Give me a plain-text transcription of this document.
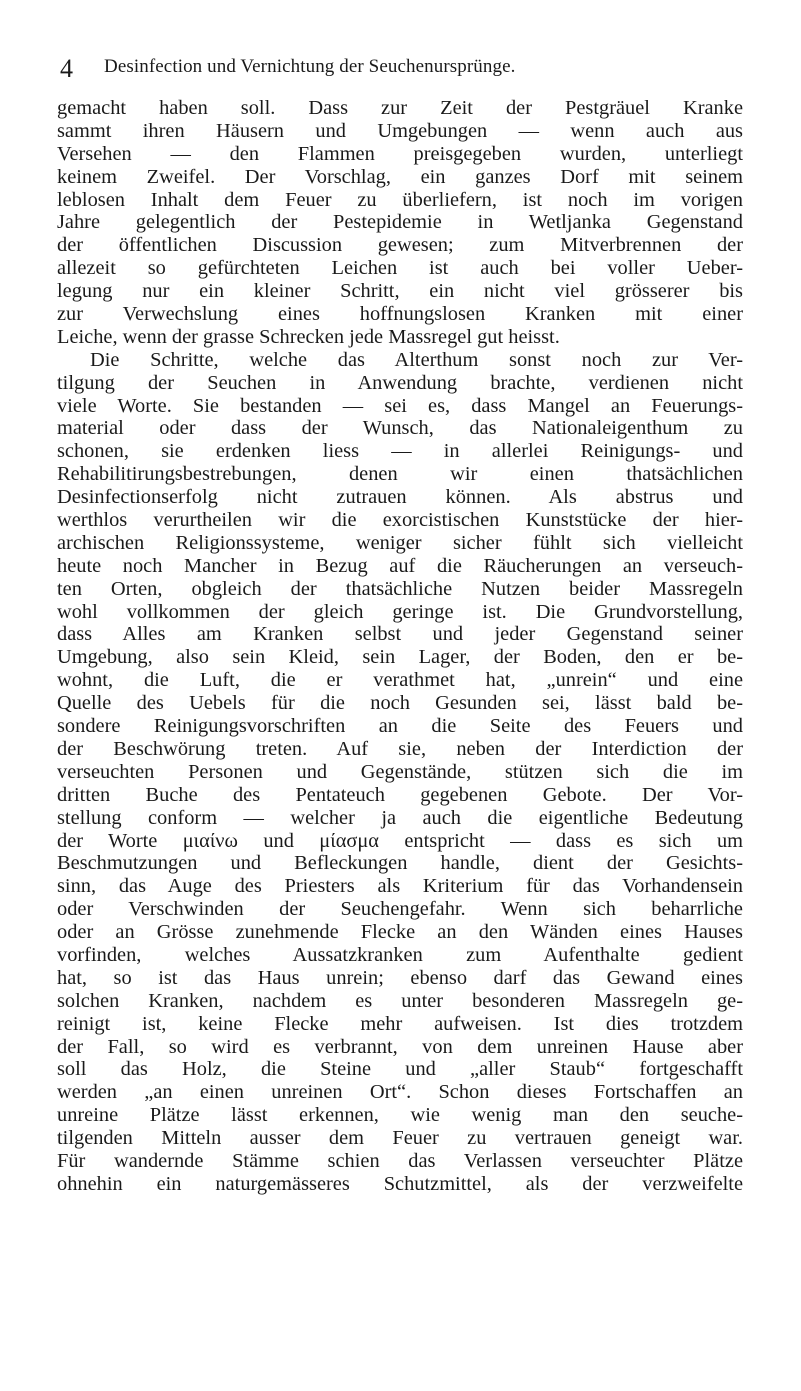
4 Desinfection und Vernichtung der Seuchenursprünge.
gemacht haben soll. Dass zur Zeit der Pestgräuel Kranke
sammt ihren Häusern und Umgebungen — wenn auch aus
Versehen — den Flammen preisgegeben wurden, unterliegt
keinem Zweifel. Der Vorschlag, ein ganzes Dorf mit seinem
leblosen Inhalt dem Feuer zu überliefern, ist noch im vorigen
Jahre gelegentlich der Pestepidemie in Wetljanka Gegenstand
der öffentlichen Discussion gewesen; zum Mitverbrennen der
allezeit so gefürchteten Leichen ist auch bei voller Ueber-
legung nur ein kleiner Schritt, ein nicht viel grösserer bis
zur Verwechslung eines hoffnungslosen Kranken mit einer
Leiche, wenn der grasse Schrecken jede Massregel gut heisst.
Die Schritte, welche das Alterthum sonst noch zur Ver-
tilgung der Seuchen in Anwendung brachte, verdienen nicht
viele Worte. Sie bestanden — sei es, dass Mangel an Feuerungs-
material oder dass der Wunsch, das Nationaleigenthum zu
schonen, sie erdenken liess — in allerlei Reinigungs- und
Rehabilitirungsbestrebungen, denen wir einen thatsächlichen
Desinfectionserfolg nicht zutrauen können. Als abstrus und
werthlos verurtheilen wir die exorcistischen Kunststücke der hier-
archischen Religionssysteme, weniger sicher fühlt sich vielleicht
heute noch Mancher in Bezug auf die Räucherungen an verseuch-
ten Orten, obgleich der thatsächliche Nutzen beider Massregeln
wohl vollkommen der gleich geringe ist. Die Grundvorstellung,
dass Alles am Kranken selbst und jeder Gegenstand seiner
Umgebung, also sein Kleid, sein Lager, der Boden, den er be-
wohnt, die Luft, die er verathmet hat, „unrein“ und eine
Quelle des Uebels für die noch Gesunden sei, lässt bald be-
sondere Reinigungsvorschriften an die Seite des Feuers und
der Beschwörung treten. Auf sie, neben der Interdiction der
verseuchten Personen und Gegenstände, stützen sich die im
dritten Buche des Pentateuch gegebenen Gebote. Der Vor-
stellung conform — welcher ja auch die eigentliche Bedeutung
der Worte μιαίνω und μίασμα entspricht — dass es sich um
Beschmutzungen und Befleckungen handle, dient der Gesichts-
sinn, das Auge des Priesters als Kriterium für das Vorhandensein
oder Verschwinden der Seuchengefahr. Wenn sich beharrliche
oder an Grösse zunehmende Flecke an den Wänden eines Hauses
vorfinden, welches Aussatzkranken zum Aufenthalte gedient
hat, so ist das Haus unrein; ebenso darf das Gewand eines
solchen Kranken, nachdem es unter besonderen Massregeln ge-
reinigt ist, keine Flecke mehr aufweisen. Ist dies trotzdem
der Fall, so wird es verbrannt, von dem unreinen Hause aber
soll das Holz, die Steine und „aller Staub“ fortgeschafft
werden „an einen unreinen Ort“. Schon dieses Fortschaffen an
unreine Plätze lässt erkennen, wie wenig man den seuche-
tilgenden Mitteln ausser dem Feuer zu vertrauen geneigt war.
Für wandernde Stämme schien das Verlassen verseuchter Plätze
ohnehin ein naturgemässeres Schutzmittel, als der verzweifelte
